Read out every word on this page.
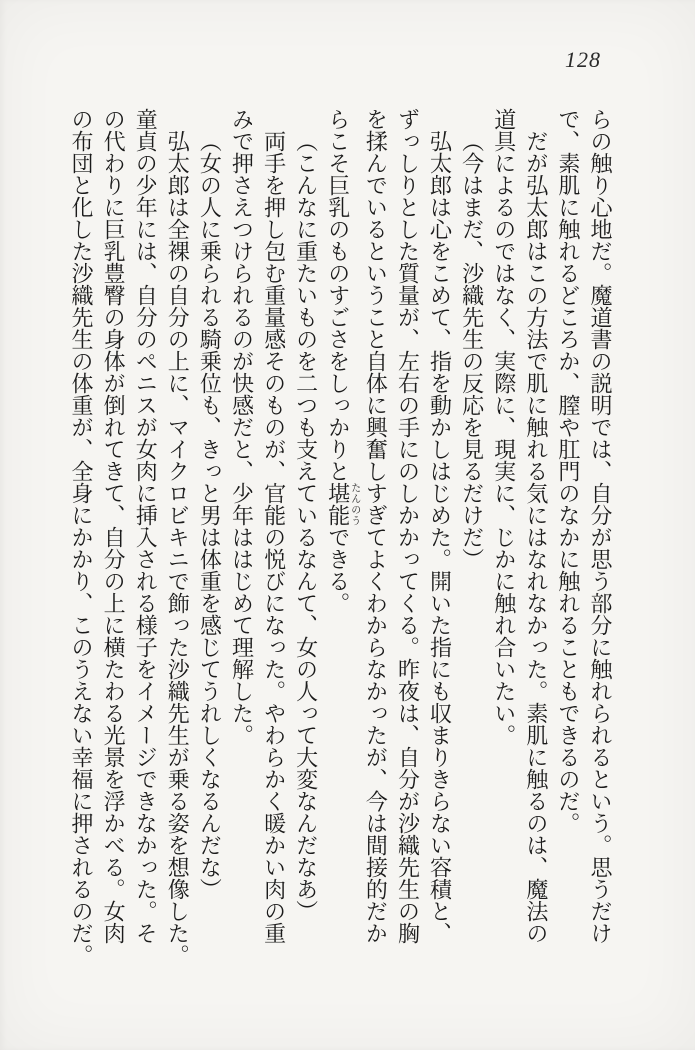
128

らの触り心地だ。魔道書の説明では、自分が思う部分に触れられるという。思うだけ

で、素肌に触れるどころか、膣や肛門のなかに触れることもできるのだ。

だが弘太郎はこの方法で肌に触れる気にはなれなかった。素肌に触るのは、魔法の

道具によるのではなく、実際に、現実に、じかに触れ合いたい。

（今はまだ、沙織先生の反応を見るだけだ）

弘太郎は心をこめて、指を動かしはじめた。開いた指にも収まりきらない容積と、

ずっしりとした質量が、左右の手にのしかかってくる。昨夜は、自分が沙織先生の胸

を揉んでいるということ自体に興奮しすぎてよくわからなかったが、今は間接的だか

らこそ巨乳のものすごさをしっかりと堪能たんのうできる。

（こんなに重たいものを二つも支えているなんて、女の人って大変なんだなあ）

両手を押し包む重量感そのものが、官能の悦びになった。やわらかく暖かい肉の重

みで押さえつけられるのが快感だと、少年ははじめて理解した。

（女の人に乗られる騎乗位も、きっと男は体重を感じてうれしくなるんだな）

弘太郎は全裸の自分の上に、マイクロビキニで飾った沙織先生が乗る姿を想像した。

童貞の少年には、自分のペニスが女肉に挿入される様子をイメージできなかった。そ

の代わりに巨乳豊臀の身体が倒れてきて、自分の上に横たわる光景を浮かべる。女肉

の布団と化した沙織先生の体重が、全身にかかり、このうえない幸福に押されるのだ。
